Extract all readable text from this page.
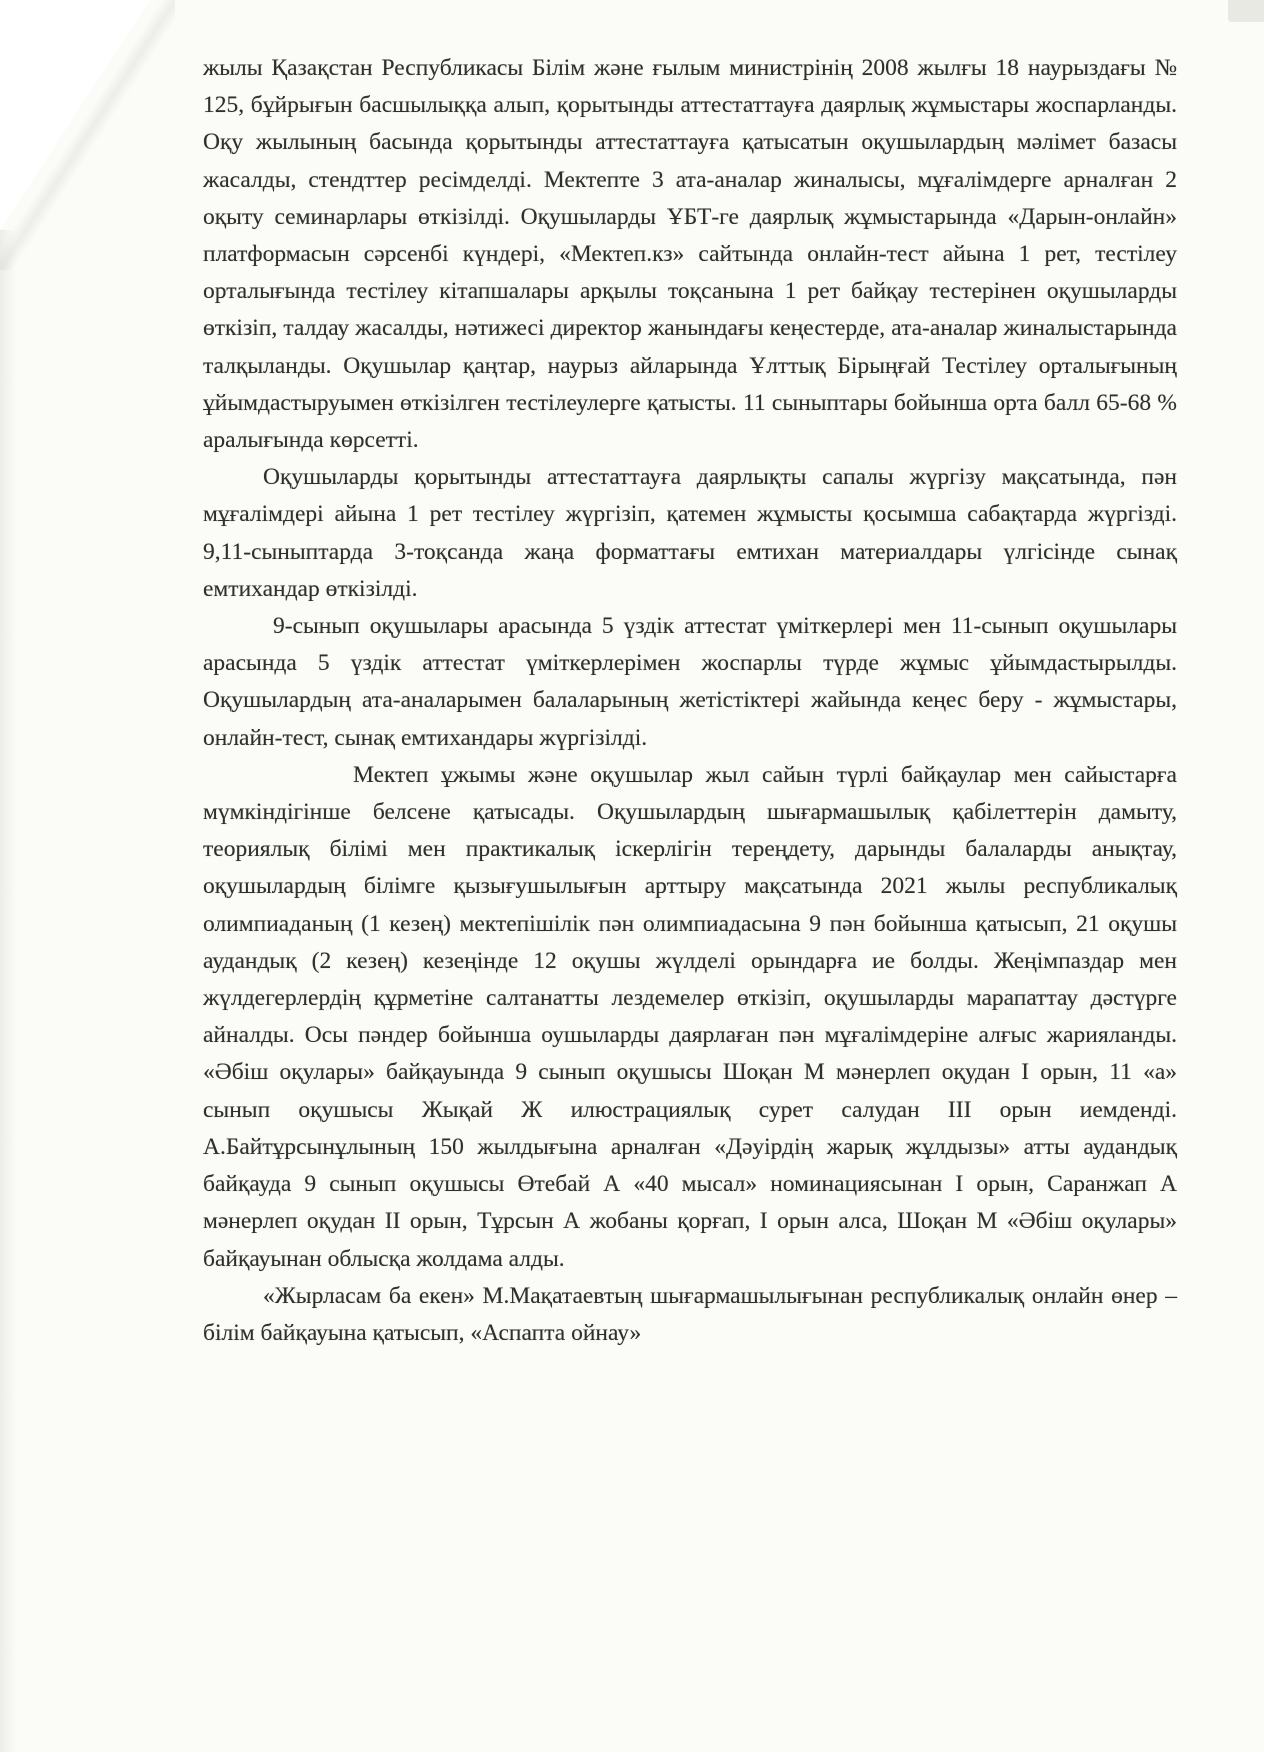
жылы Қазақстан Республикасы Білім және ғылым министрінің 2008 жылғы 18 наурыздағы № 125, бұйрығын басшылыққа алып, қорытынды аттестаттауға даярлық жұмыстары жоспарланды. Оқу жылының басында қорытынды аттестаттауға қатысатын оқушылардың мәлімет базасы жасалды, стендттер ресімделді. Мектепте 3 ата-аналар жиналысы, мұғалімдерге арналған 2 оқыту семинарлары өткізілді. Оқушыларды ҰБТ-ге даярлық жұмыстарында «Дарын-онлайн» платформасын сәрсенбі күндері, «Мектеп.кз» сайтында онлайн-тест айына 1 рет, тестілеу орталығында тестілеу кітапшалары арқылы тоқсанына 1 рет байқау тестерінен оқушыларды өткізіп, талдау жасалды, нәтижесі директор жанындағы кеңестерде, ата-аналар жиналыстарында талқыланды. Оқушылар қаңтар, наурыз айларында Ұлттық Бірыңғай Тестілеу орталығының ұйымдастыруымен өткізілген тестілеулерге қатысты. 11 сыныптары бойынша орта балл 65-68 % аралығында көрсетті.

Оқушыларды қорытынды аттестаттауға даярлықты сапалы жүргізу мақсатында, пән мұғалімдері айына 1 рет тестілеу жүргізіп, қатемен жұмысты қосымша сабақтарда жүргізді. 9,11-сыныптарда 3-тоқсанда жаңа форматтағы емтихан материалдары үлгісінде сынақ емтихандар өткізілді.

9-сынып оқушылары арасында 5 үздік аттестат үміткерлері мен 11-сынып оқушылары арасында 5 үздік аттестат үміткерлерімен жоспарлы түрде жұмыс ұйымдастырылды. Оқушылардың ата-аналарымен балаларының жетістіктері жайында кеңес беру - жұмыстары, онлайн-тест, сынақ емтихандары жүргізілді.

Мектеп ұжымы және оқушылар жыл сайын түрлі байқаулар мен сайыстарға мүмкіндігінше белсене қатысады. Оқушылардың шығармашылық қабілеттерін дамыту, теориялық білімі мен практикалық іскерлігін тереңдету, дарынды балаларды анықтау, оқушылардың білімге қызығушылығын арттыру мақсатында 2021 жылы республикалық олимпиаданың (1 кезең) мектепішілік пән олимпиадасына 9 пән бойынша қатысып, 21 оқушы аудандық (2 кезең) кезеңінде 12 оқушы жүлделі орындарға ие болды. Жеңімпаздар мен жүлдегерлердің құрметіне салтанатты лездемелер өткізіп, оқушыларды марапаттау дәстүрге айналды. Осы пәндер бойынша оушыларды даярлаған пән мұғалімдеріне алғыс жарияланды. «Әбіш оқулары» байқауында 9 сынып оқушысы Шоқан М мәнерлеп оқудан І орын, 11 «а» сынып оқушысы Жықай Ж илюстрациялық сурет салудан ІІІ орын иемденді. А.Байтұрсынұлының 150 жылдығына арналған «Дәуірдің жарық жұлдызы» атты аудандық байқауда 9 сынып оқушысы Өтебай А «40 мысал» номинациясынан І орын, Саранжап А мәнерлеп оқудан ІІ орын, Тұрсын А жобаны қорғап, І орын алса, Шоқан М «Әбіш оқулары» байқауынан облысқа жолдама алды.

«Жырласам ба екен» М.Мақатаевтың шығармашылығынан республикалық онлайн өнер – білім байқауына қатысып, «Аспапта ойнау»
